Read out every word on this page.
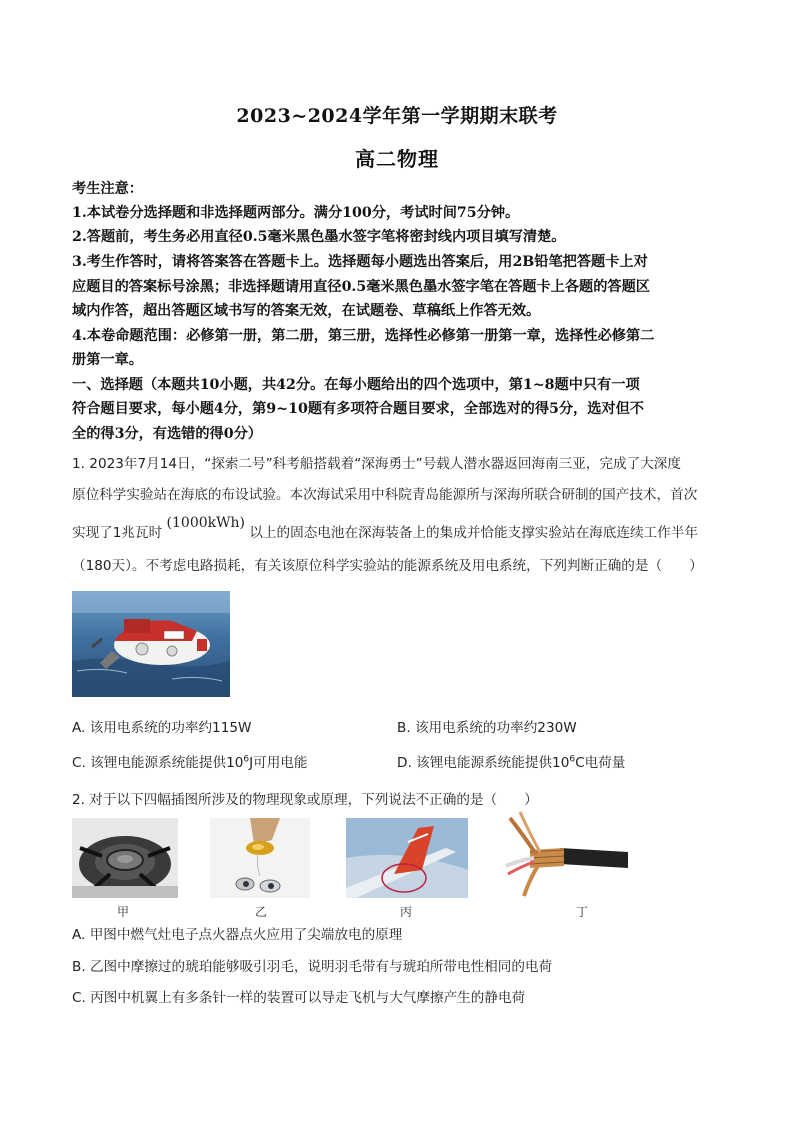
2023~2024学年第一学期期末联考
高二物理
考生注意：
1.本试卷分选择题和非选择题两部分。满分100分，考试时间75分钟。
2.答题前，考生务必用直径0.5毫米黑色墨水签字笔将密封线内项目填写清楚。
3.考生作答时，请将答案答在答题卡上。选择题每小题选出答案后，用2B铅笔把答题卡上对
应题目的答案标号涂黑；非选择题请用直径0.5毫米黑色墨水签字笔在答题卡上各题的答题区
域内作答，超出答题区域书写的答案无效，在试题卷、草稿纸上作答无效。
4.本卷命题范围：必修第一册，第二册，第三册，选择性必修第一册第一章，选择性必修第二
册第一章。
一、选择题（本题共10小题，共42分。在每小题给出的四个选项中，第1~8题中只有一项
符合题目要求，每小题4分，第9~10题有多项符合题目要求，全部选对的得5分，选对但不
全的得3分，有选错的得0分）
1. 2023年7月14日，“探索二号”科考船搭载着“深海勇士”号载人潜水器返回海南三亚，完成了大深度
原位科学实验站在海底的布设试验。本次海试采用中科院青岛能源所与深海所联合研制的国产技术，首次
实现了1兆瓦时 (1000kWh) 以上的固态电池在深海装备上的集成并恰能支撑实验站在海底连续工作半年
（180天）。不考虑电路损耗，有关该原位科学实验站的能源系统及用电系统，下列判断正确的是（　　）
A. 该用电系统的功率约115W	B. 该用电系统的功率约230W
C. 该锂电能源系统能提供$10^6J$可用电能	D. 该锂电能源系统能提供$10^6C$电荷量
2. 对于以下四幅插图所涉及的物理现象或原理，下列说法不正确的是（　　）
甲	乙	丙	丁
A. 甲图中燃气灶电子点火器点火应用了尖端放电的原理
B. 乙图中摩擦过的琥珀能够吸引羽毛，说明羽毛带有与琥珀所带电性相同的电荷
C. 丙图中机翼上有多条针一样的装置可以导走飞机与大气摩擦产生的静电荷
